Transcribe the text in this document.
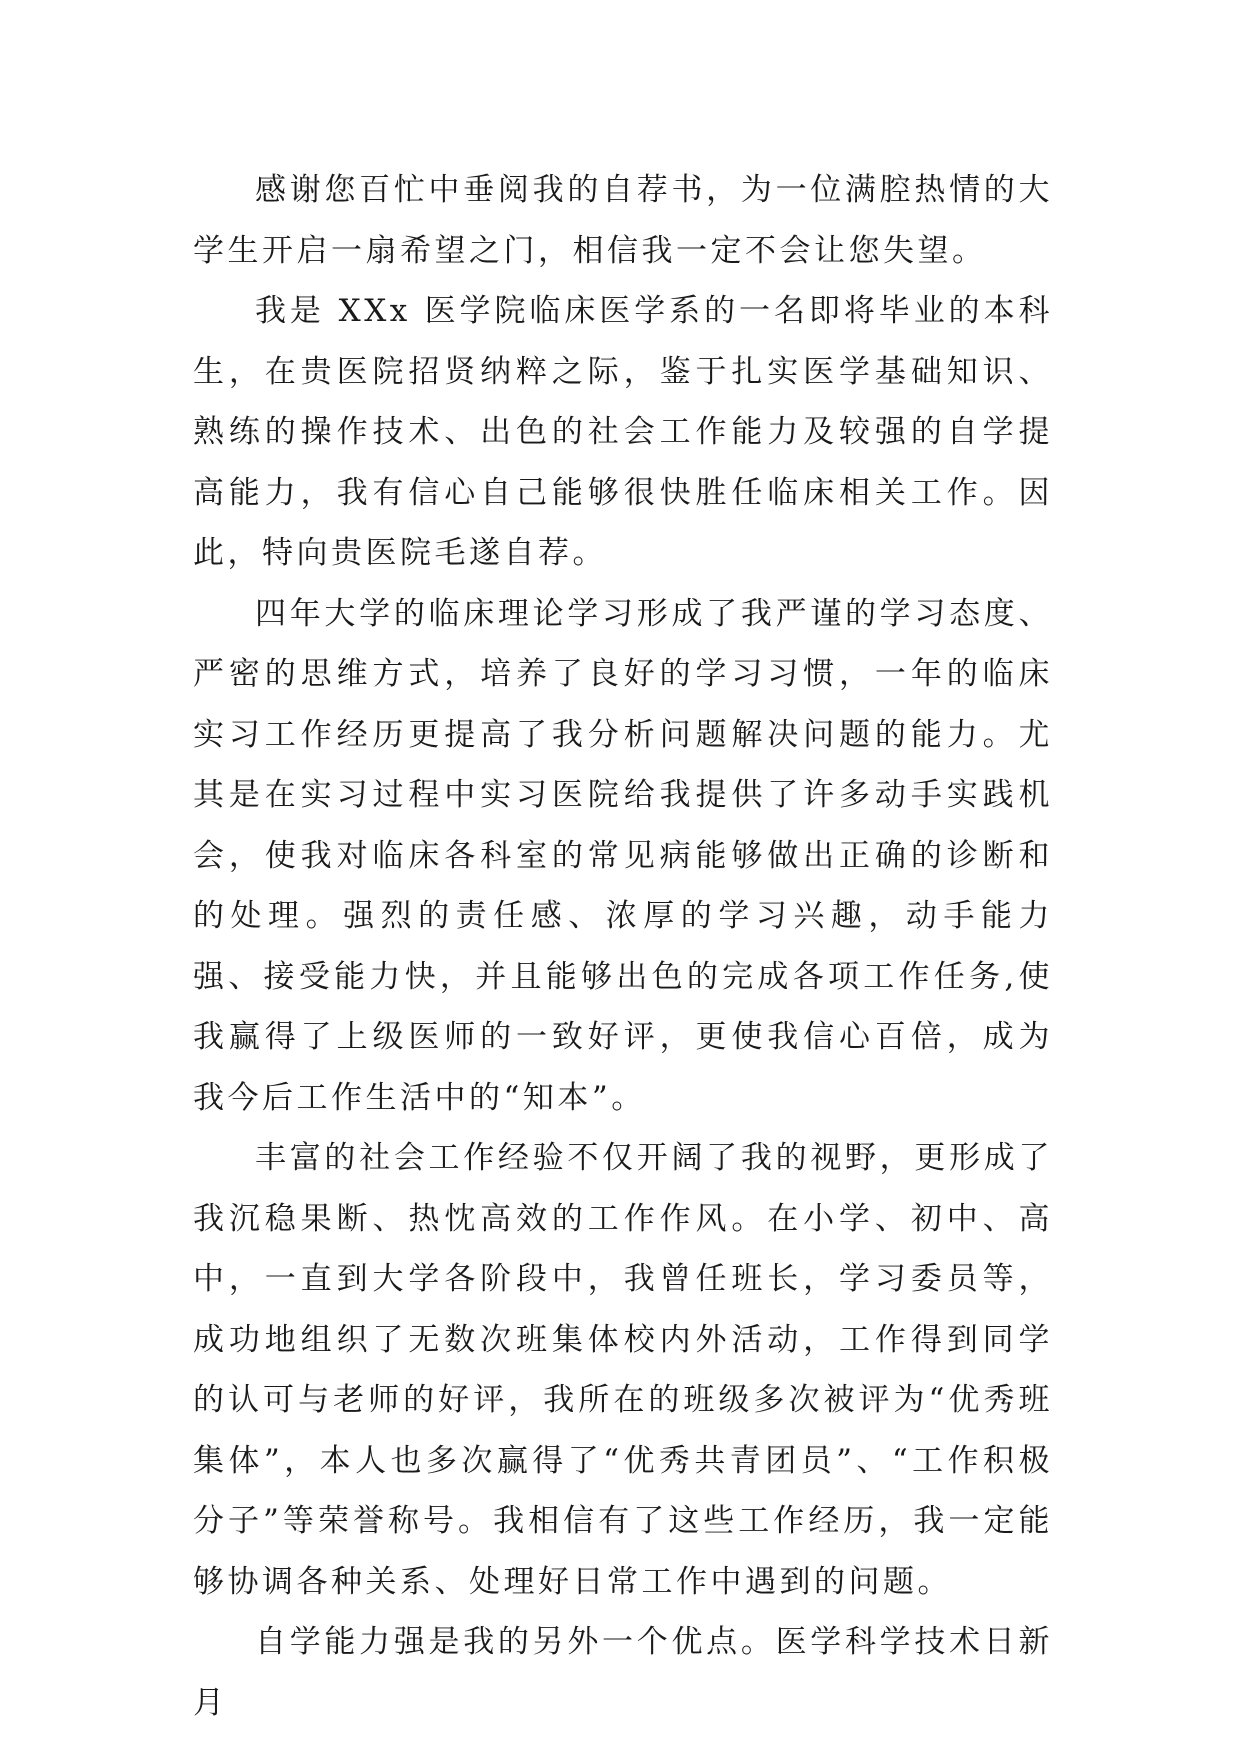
感谢您百忙中垂阅我的自荐书，为一位满腔热情的大学生开启一扇希望之门，相信我一定不会让您失望。

我是 XXx 医学院临床医学系的一名即将毕业的本科生，在贵医院招贤纳粹之际，鉴于扎实医学基础知识、熟练的操作技术、出色的社会工作能力及较强的自学提高能力，我有信心自己能够很快胜任临床相关工作。因此，特向贵医院毛遂自荐。

四年大学的临床理论学习形成了我严谨的学习态度、严密的思维方式，培养了良好的学习习惯，一年的临床实习工作经历更提高了我分析问题解决问题的能力。尤其是在实习过程中实习医院给我提供了许多动手实践机会，使我对临床各科室的常见病能够做出正确的诊断和的处理。强烈的责任感、浓厚的学习兴趣，动手能力强、接受能力快，并且能够出色的完成各项工作任务,使我赢得了上级医师的一致好评，更使我信心百倍，成为我今后工作生活中的“知本”。

丰富的社会工作经验不仅开阔了我的视野，更形成了我沉稳果断、热忱高效的工作作风。在小学、初中、高中，一直到大学各阶段中，我曾任班长，学习委员等，成功地组织了无数次班集体校内外活动，工作得到同学的认可与老师的好评，我所在的班级多次被评为“优秀班集体”，本人也多次赢得了“优秀共青团员”、“工作积极分子”等荣誉称号。我相信有了这些工作经历，我一定能够协调各种关系、处理好日常工作中遇到的问题。

自学能力强是我的另外一个优点。医学科学技术日新月
